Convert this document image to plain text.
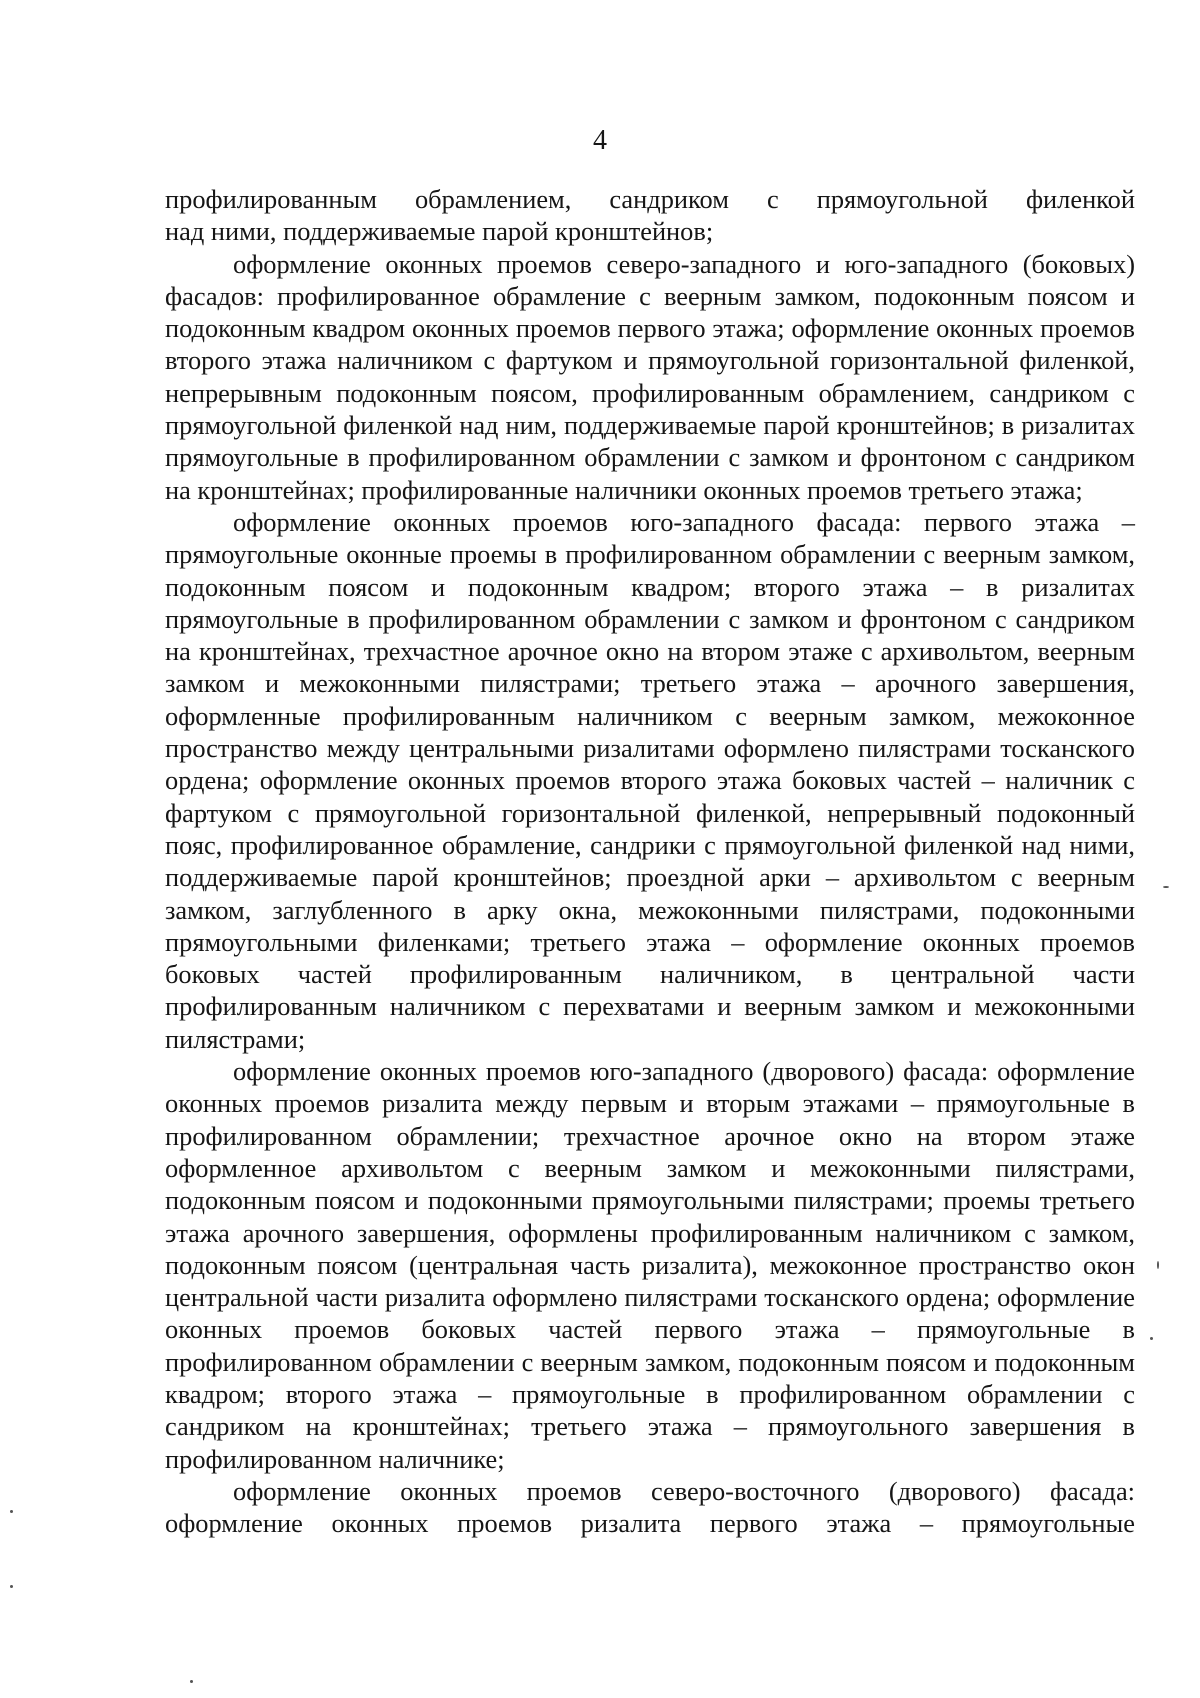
4

профилированным обрамлением, сандриком с прямоугольной филенкой

над ними, поддерживаемые парой кронштейнов;

оформление оконных проемов северо-западного и юго-западного (боковых) фасадов: профилированное обрамление с веерным замком, подоконным поясом и подоконным квадром оконных проемов первого этажа; оформление оконных проемов второго этажа наличником с фартуком и прямоугольной горизонтальной филенкой, непрерывным подоконным поясом, профилированным обрамлением, сандриком с прямоугольной филенкой над ним, поддерживаемые парой кронштейнов; в ризалитах прямоугольные в профилированном обрамлении с замком и фронтоном с сандриком на кронштейнах; профилированные наличники оконных проемов третьего этажа;

оформление оконных проемов юго-западного фасада: первого этажа – прямоугольные оконные проемы в профилированном обрамлении с веерным замком, подоконным поясом и подоконным квадром; второго этажа – в ризалитах прямоугольные в профилированном обрамлении с замком и фронтоном с сандриком на кронштейнах, трехчастное арочное окно на втором этаже с архивольтом, веерным замком и межоконными пилястрами; третьего этажа – арочного завершения, оформленные профилированным наличником с веерным замком, межоконное пространство между центральными ризалитами оформлено пилястрами тосканского ордена; оформление оконных проемов второго этажа боковых частей – наличник с фартуком с прямоугольной горизонтальной филенкой, непрерывный подоконный пояс, профилированное обрамление, сандрики с прямоугольной филенкой над ними, поддерживаемые парой кронштейнов; проездной арки – архивольтом с веерным замком, заглубленного в арку окна, межоконными пилястрами, подоконными прямоугольными филенками; третьего этажа – оформление оконных проемов боковых частей профилированным наличником, в центральной части профилированным наличником с перехватами и веерным замком и межоконными пилястрами;

оформление оконных проемов юго-западного (дворового) фасада: оформление оконных проемов ризалита между первым и вторым этажами – прямоугольные в профилированном обрамлении; трехчастное арочное окно на втором этаже оформленное архивольтом с веерным замком и межоконными пилястрами, подоконным поясом и подоконными прямоугольными пилястрами; проемы третьего этажа арочного завершения, оформлены профилированным наличником с замком, подоконным поясом (центральная часть ризалита), межоконное пространство окон центральной части ризалита оформлено пилястрами тосканского ордена; оформление оконных проемов боковых частей первого этажа – прямоугольные в профилированном обрамлении с веерным замком, подоконным поясом и подоконным квадром; второго этажа – прямоугольные в профилированном обрамлении с сандриком на кронштейнах; третьего этажа – прямоугольного завершения в профилированном наличнике;

оформление оконных проемов северо-восточного (дворового) фасада: оформление оконных проемов ризалита первого этажа – прямоугольные
